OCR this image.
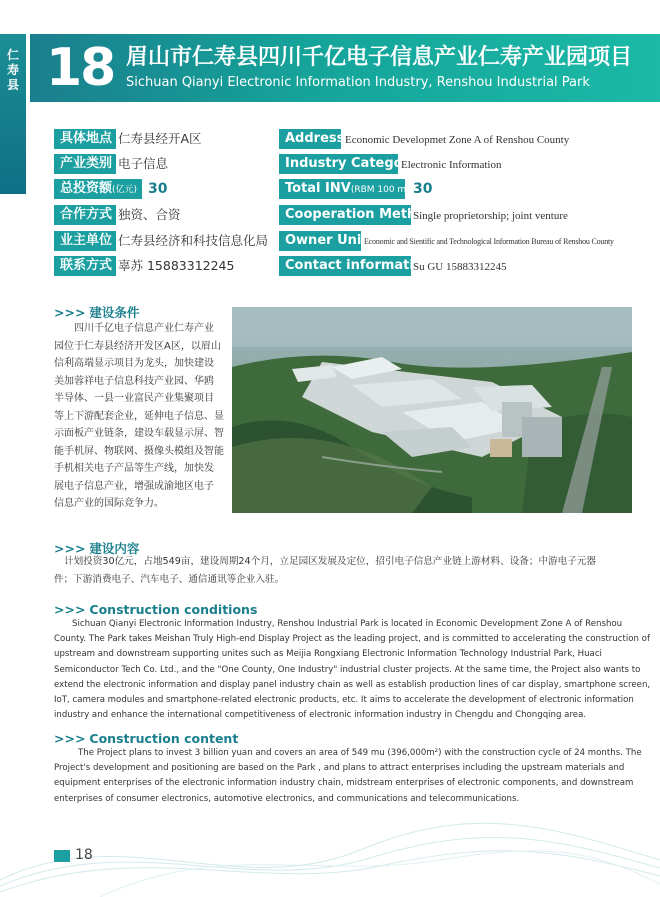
仁寿县 18 眉山市仁寿县四川千亿电子信息产业仁寿产业园项目
Sichuan Qianyi Electronic Information Industry, Renshou Industrial Park
具体地点 仁寿县经开A区
产业类别 电子信息
总投资额(亿元) 30
合作方式 独资、合资
业主单位 仁寿县经济和科技信息化局
联系方式 辜苏 15883312245
Address Economic Developmet Zone A of Renshou County
Industry Category
Electronic Information
Total INV(RBM 100 mil.)
30
Cooperation Method
Single proprietorship; joint venture
Owner Unit
Economic and Sientific and Technological Information Bureau of Renshou County
Contact information
Su GU 15883312245
>>> 建设条件
四川千亿电子信息产业仁寿产业
园位于仁寿县经济开发区A区，以眉山
信利高端显示项目为龙头，加快建设
美加蓉祥电子信息科技产业园、华鸥
半导体、一县一业富民产业集聚项目
等上下游配套企业，延伸电子信息、显
示面板产业链条，建设车载显示屏、智
能手机屏、物联网、摄像头模组及智能
手机相关电子产品等生产线，加快发
展电子信息产业，增强成渝地区电子
信息产业的国际竞争力。
>>> 建设内容
计划投资30亿元，占地549亩，建设周期24个月，立足园区发展及定位，招引电子信息产业链上游材料、设备；中游电子元器
件；下游消费电子、汽车电子、通信通讯等企业入驻。
>>> Construction conditions
Sichuan Qianyi Electronic Information Industry, Renshou Industrial Park is located in Economic Development Zone A of Renshou
County. The Park takes Meishan Truly High-end Display Project as the leading project, and is committed to accelerating the construction of
upstream and downstream supporting unites such as Meijia Rongxiang Electronic Information Technology Industrial Park, Huaci
Semiconductor Tech Co. Ltd., and the "One County, One Industry" industrial cluster projects. At the same time, the Project also wants to
extend the electronic information and display panel industry chain as well as establish production lines of car display, smartphone screen,
IoT, camera modules and smartphone-related electronic products, etc. It aims to accelerate the development of electronic information
industry and enhance the international competitiveness of electronic information industry in Chengdu and Chongqing area.
>>> Construction content
The Project plans to invest 3 billion yuan and covers an area of 549 mu (396,000m²) with the construction cycle of 24 months. The
Project's development and positioning are based on the Park , and plans to attract enterprises including the upstream materials and
equipment enterprises of the electronic information industry chain, midstream enterprises of electronic components, and downstream
enterprises of consumer electronics, automotive electronics, and communications and telecommunications.
18
